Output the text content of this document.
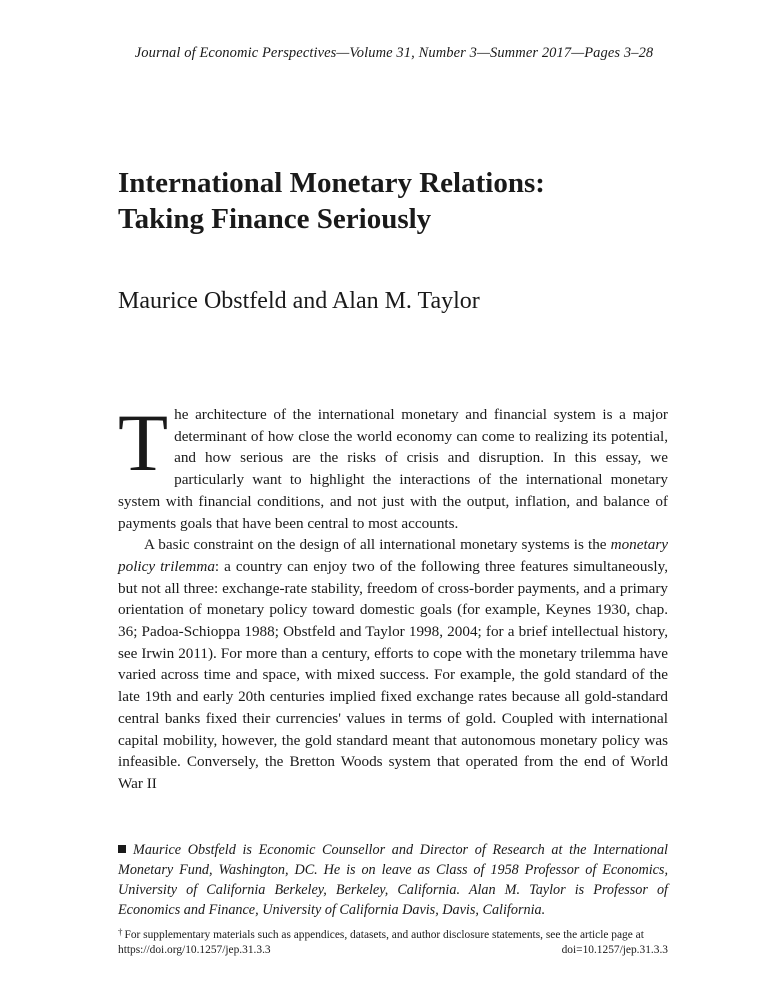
Journal of Economic Perspectives—Volume 31, Number 3—Summer 2017—Pages 3–28
International Monetary Relations:
Taking Finance Seriously
Maurice Obstfeld and Alan M. Taylor

The architecture of the international monetary and financial system is a major determinant of how close the world economy can come to realizing its potential, and how serious are the risks of crisis and disruption. In this essay, we particularly want to highlight the interactions of the international monetary system with financial conditions, and not just with the output, inflation, and balance of payments goals that have been central to most accounts.

A basic constraint on the design of all international monetary systems is the monetary policy trilemma: a country can enjoy two of the following three features simultaneously, but not all three: exchange-rate stability, freedom of cross-border payments, and a primary orientation of monetary policy toward domestic goals (for example, Keynes 1930, chap. 36; Padoa-Schioppa 1988; Obstfeld and Taylor 1998, 2004; for a brief intellectual history, see Irwin 2011). For more than a century, efforts to cope with the monetary trilemma have varied across time and space, with mixed success. For example, the gold standard of the late 19th and early 20th centuries implied fixed exchange rates because all gold-standard central banks fixed their currencies' values in terms of gold. Coupled with international capital mobility, however, the gold standard meant that autonomous monetary policy was infeasible. Conversely, the Bretton Woods system that operated from the end of World War II

Maurice Obstfeld is Economic Counsellor and Director of Research at the International Monetary Fund, Washington, DC. He is on leave as Class of 1958 Professor of Economics, University of California Berkeley, Berkeley, California. Alan M. Taylor is Professor of Economics and Finance, University of California Davis, Davis, California.
† For supplementary materials such as appendices, datasets, and author disclosure statements, see the article page at
https://doi.org/10.1257/jep.31.3.3	doi=10.1257/jep.31.3.3
